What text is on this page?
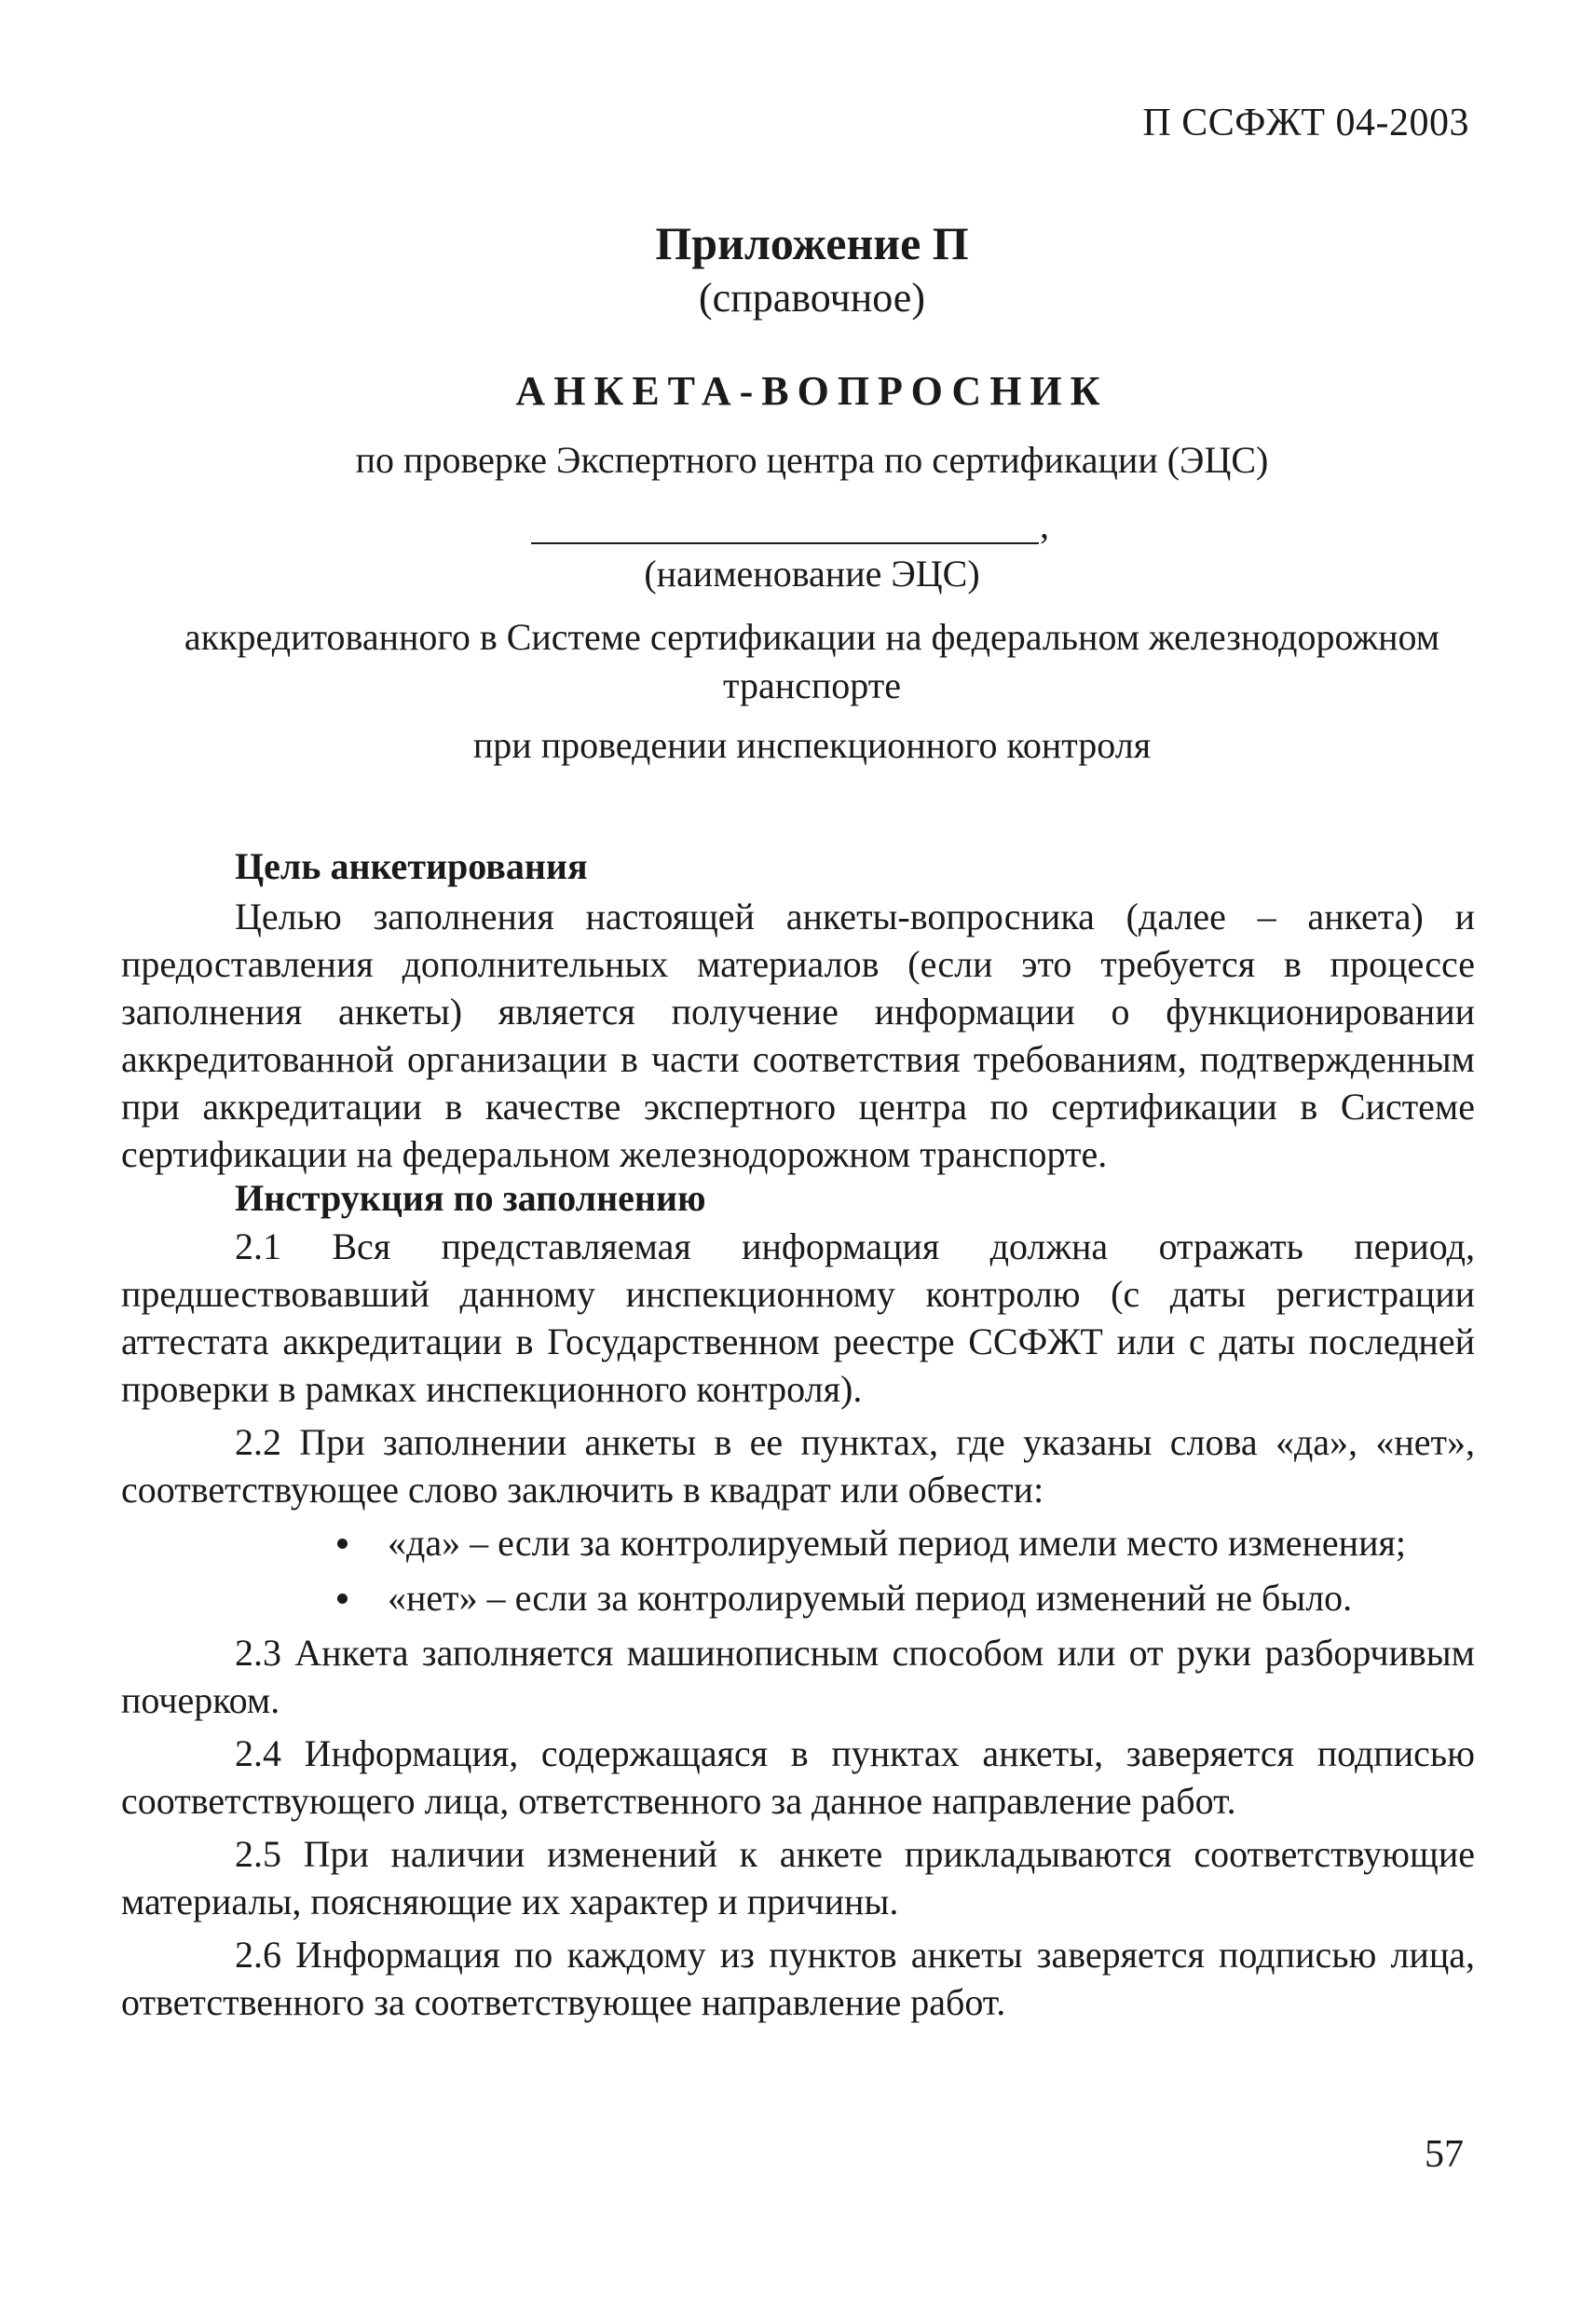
П ССФЖТ 04-2003
Приложение П
(справочное)
АНКЕТА-ВОПРОСНИК
по проверке Экспертного центра по сертификации (ЭЦС)
,
(наименование ЭЦС)
аккредитованного в Системе сертификации на федеральном железнодорожном
транспорте
при проведении инспекционного контроля
Цель анкетирования

Целью заполнения настоящей анкеты-вопросника (далее – анкета) и предоставления дополнительных материалов (если это требуется в процессе заполнения анкеты) является получение информации о функционировании аккредитованной организации в части соответствия требованиям, подтвержденным при аккредитации в качестве экспертного центра по сертификации в Системе сертификации на федеральном железнодорожном транспорте.

Инструкция по заполнению

2.1 Вся представляемая информация должна отражать период, предшествовавший данному инспекционному контролю (с даты регистрации аттестата аккредитации в Государственном реестре ССФЖТ или с даты последней проверки в рамках инспекционного контроля).

2.2 При заполнении анкеты в ее пунктах, где указаны слова «да», «нет», соответствующее слово заключить в квадрат или обвести:

«да» – если за контролируемый период имели место изменения;
«нет» – если за контролируемый период изменений не было.

2.3 Анкета заполняется машинописным способом или от руки разборчивым почерком.

2.4 Информация, содержащаяся в пунктах анкеты, заверяется подписью соответствующего лица, ответственного за данное направление работ.

2.5 При наличии изменений к анкете прикладываются соответствующие материалы, поясняющие их характер и причины.

2.6 Информация по каждому из пунктов анкеты заверяется подписью лица, ответственного за соответствующее направление работ.

57
